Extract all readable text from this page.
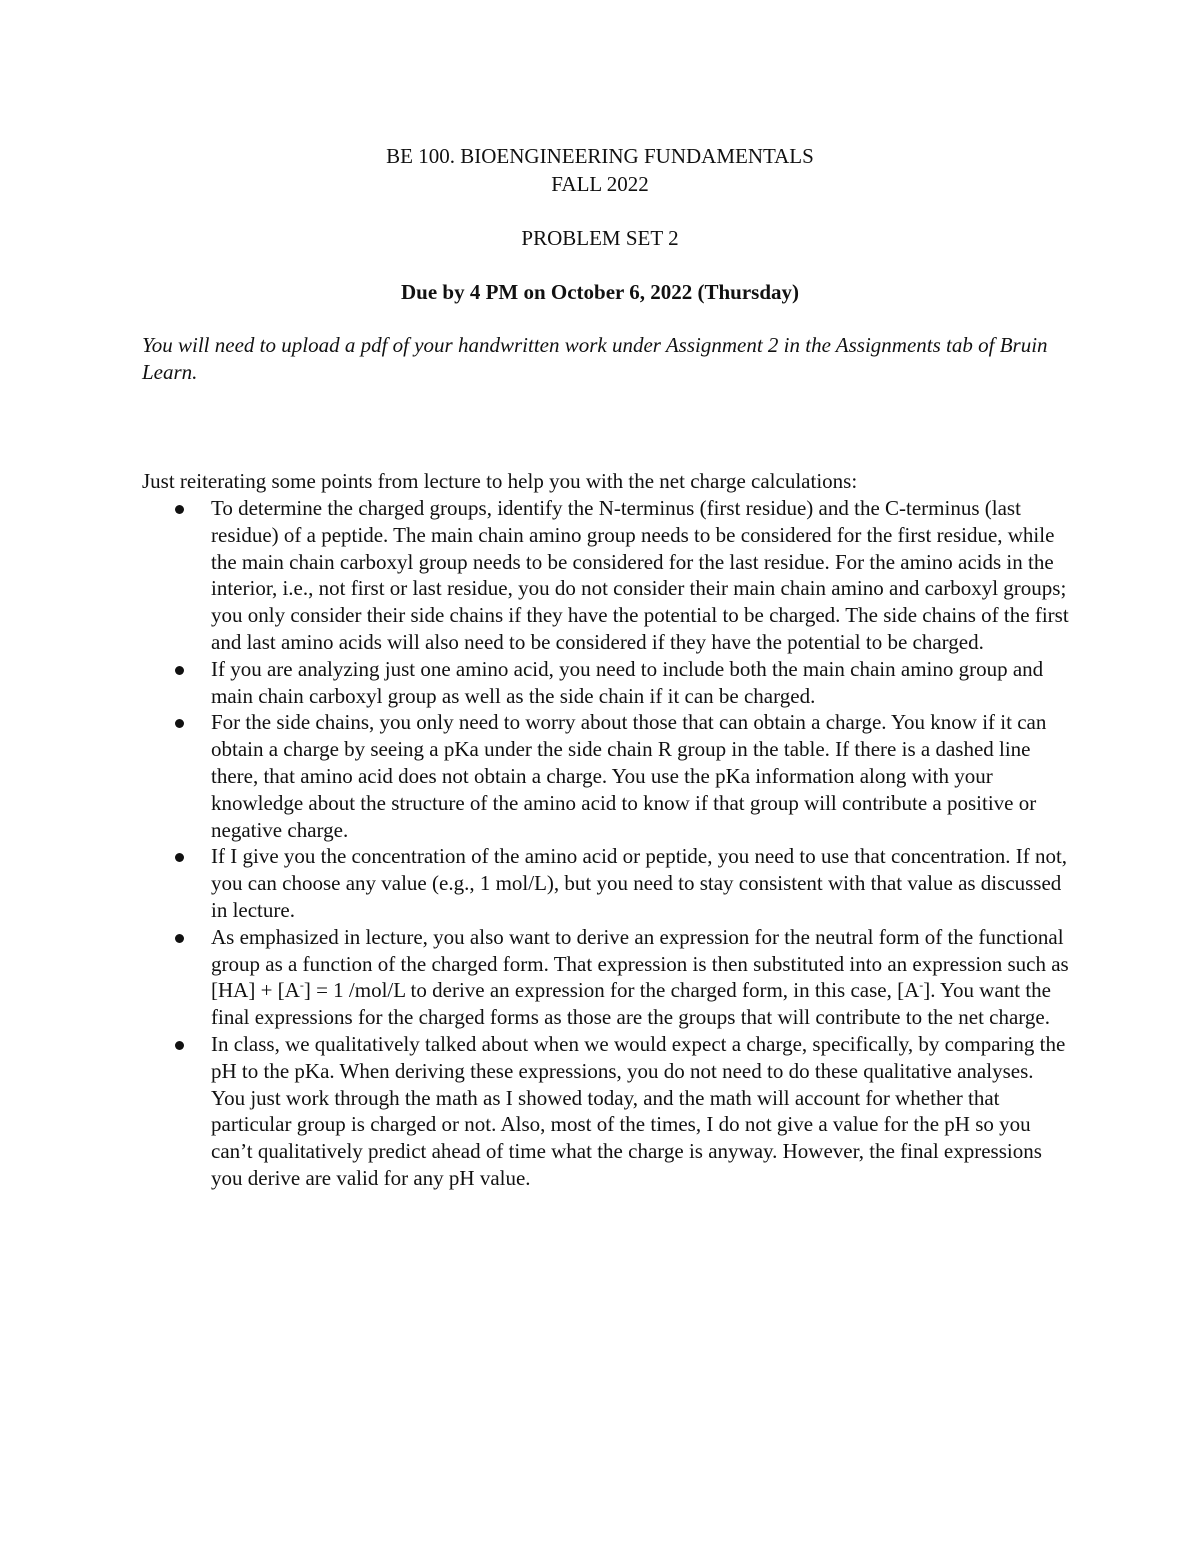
BE 100. BIOENGINEERING FUNDAMENTALS
FALL 2022
PROBLEM SET 2
Due by 4 PM on October 6, 2022 (Thursday)
You will need to upload a pdf of your handwritten work under Assignment 2 in the Assignments tab of Bruin Learn.
Just reiterating some points from lecture to help you with the net charge calculations:
To determine the charged groups, identify the N-terminus (first residue) and the C-terminus (last residue) of a peptide. The main chain amino group needs to be considered for the first residue, while the main chain carboxyl group needs to be considered for the last residue. For the amino acids in the interior, i.e., not first or last residue, you do not consider their main chain amino and carboxyl groups; you only consider their side chains if they have the potential to be charged. The side chains of the first and last amino acids will also need to be considered if they have the potential to be charged.
If you are analyzing just one amino acid, you need to include both the main chain amino group and main chain carboxyl group as well as the side chain if it can be charged.
For the side chains, you only need to worry about those that can obtain a charge. You know if it can obtain a charge by seeing a pKa under the side chain R group in the table. If there is a dashed line there, that amino acid does not obtain a charge. You use the pKa information along with your knowledge about the structure of the amino acid to know if that group will contribute a positive or negative charge.
If I give you the concentration of the amino acid or peptide, you need to use that concentration. If not, you can choose any value (e.g., 1 mol/L), but you need to stay consistent with that value as discussed in lecture.
As emphasized in lecture, you also want to derive an expression for the neutral form of the functional group as a function of the charged form. That expression is then substituted into an expression such as [HA] + [A-] = 1 /mol/L to derive an expression for the charged form, in this case, [A-]. You want the final expressions for the charged forms as those are the groups that will contribute to the net charge.
In class, we qualitatively talked about when we would expect a charge, specifically, by comparing the pH to the pKa. When deriving these expressions, you do not need to do these qualitative analyses. You just work through the math as I showed today, and the math will account for whether that particular group is charged or not. Also, most of the times, I do not give a value for the pH so you can’t qualitatively predict ahead of time what the charge is anyway. However, the final expressions you derive are valid for any pH value.
